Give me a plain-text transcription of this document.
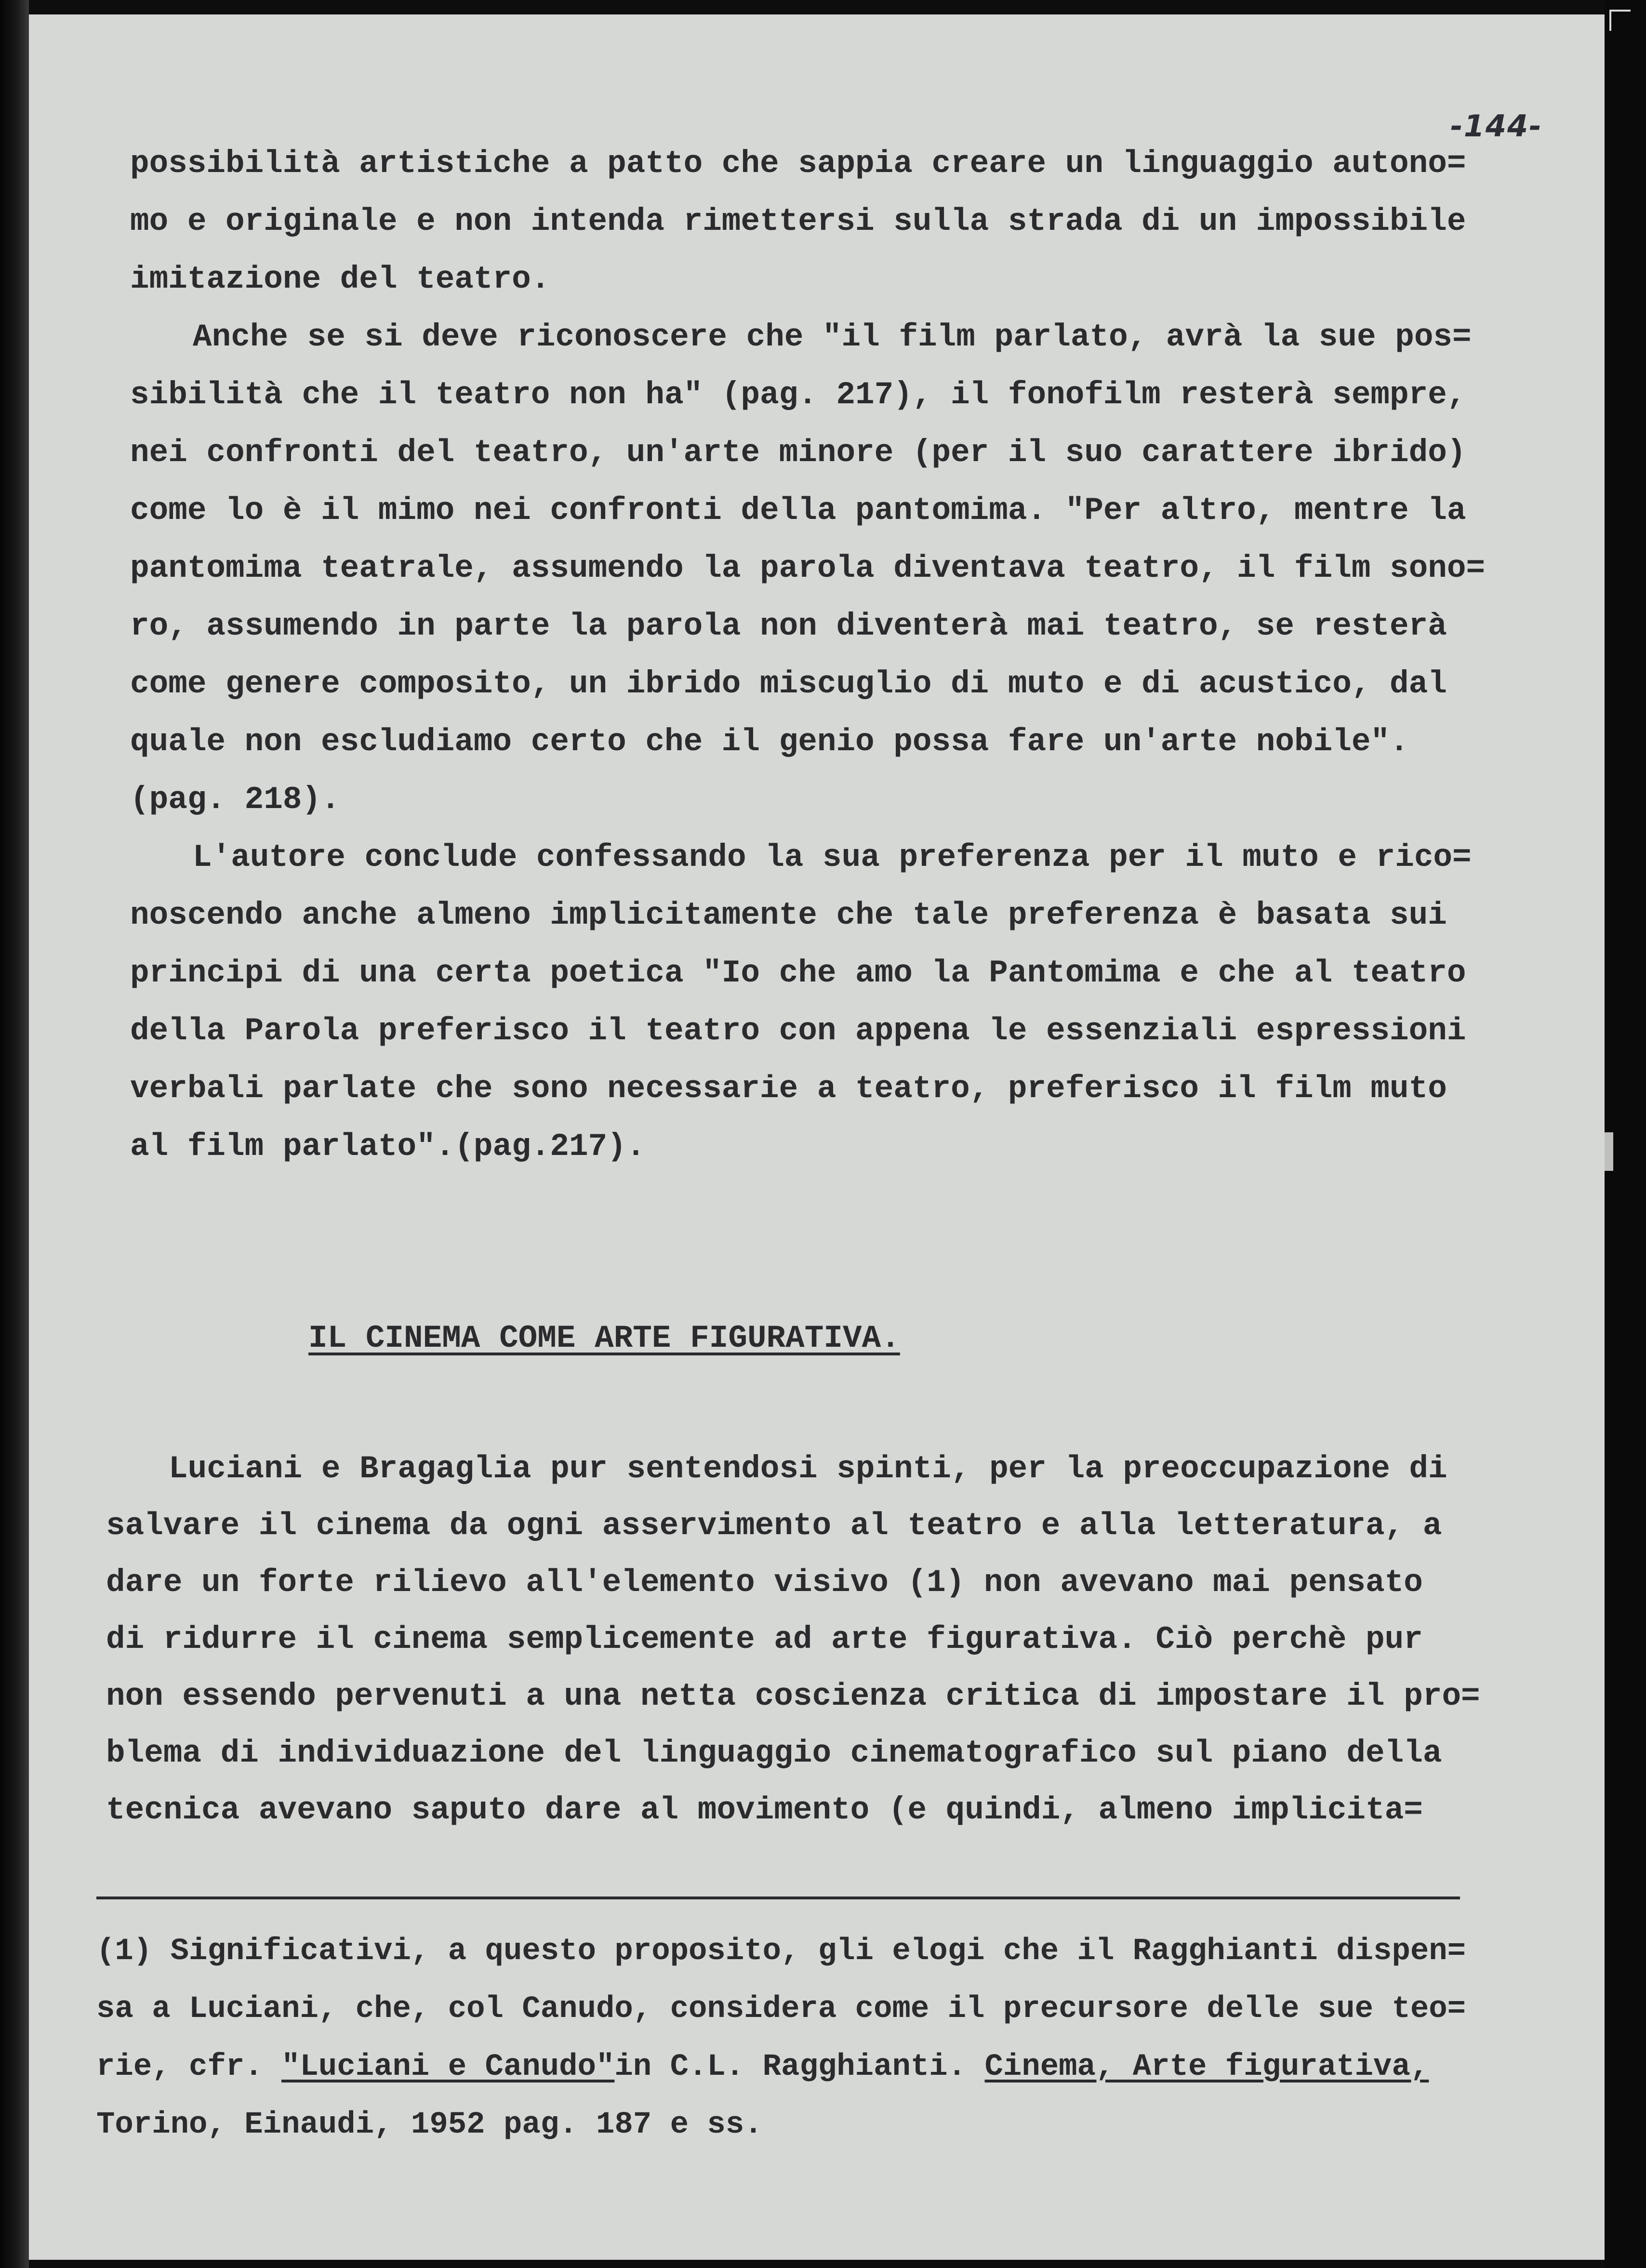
-144-
possibilità artistiche a patto che sappia creare un linguaggio autono=
mo e originale e non intenda rimettersi sulla strada di un impossibile
imitazione del teatro.
Anche se si deve riconoscere che "il film parlato, avrà la sue pos=
sibilità che il teatro non ha" (pag. 217), il fonofilm resterà sempre,
nei confronti del teatro, un'arte minore (per il suo carattere ibrido)
come lo è il mimo nei confronti della pantomima. "Per altro, mentre la
pantomima teatrale, assumendo la parola diventava teatro, il film sono=
ro, assumendo in parte la parola non diventerà mai teatro, se resterà
come genere composito, un ibrido miscuglio di muto e di acustico, dal
quale non escludiamo certo che il genio possa fare un'arte nobile".
(pag. 218).
L'autore conclude confessando la sua preferenza per il muto e rico=
noscendo anche almeno implicitamente che tale preferenza è basata sui
principi di una certa poetica "Io che amo la Pantomima e che al teatro
della Parola preferisco il teatro con appena le essenziali espressioni
verbali parlate che sono necessarie a teatro, preferisco il film muto
al film parlato".(pag.217).
IL CINEMA COME ARTE FIGURATIVA.
Luciani e Bragaglia pur sentendosi spinti, per la preoccupazione di
salvare il cinema da ogni asservimento al teatro e alla letteratura, a
dare un forte rilievo all'elemento visivo (1) non avevano mai pensato
di ridurre il cinema semplicemente ad arte figurativa. Ciò perchè pur
non essendo pervenuti a una netta coscienza critica di impostare il pro=
blema di individuazione del linguaggio cinematografico sul piano della
tecnica avevano saputo dare al movimento (e quindi, almeno implicita=
(1) Significativi, a questo proposito, gli elogi che il Ragghianti dispen=
sa a Luciani, che, col Canudo, considera come il precursore delle sue teo=
rie, cfr. "Luciani e Canudo"in C.L. Ragghianti. Cinema, Arte figurativa,
Torino, Einaudi, 1952 pag. 187 e ss.
